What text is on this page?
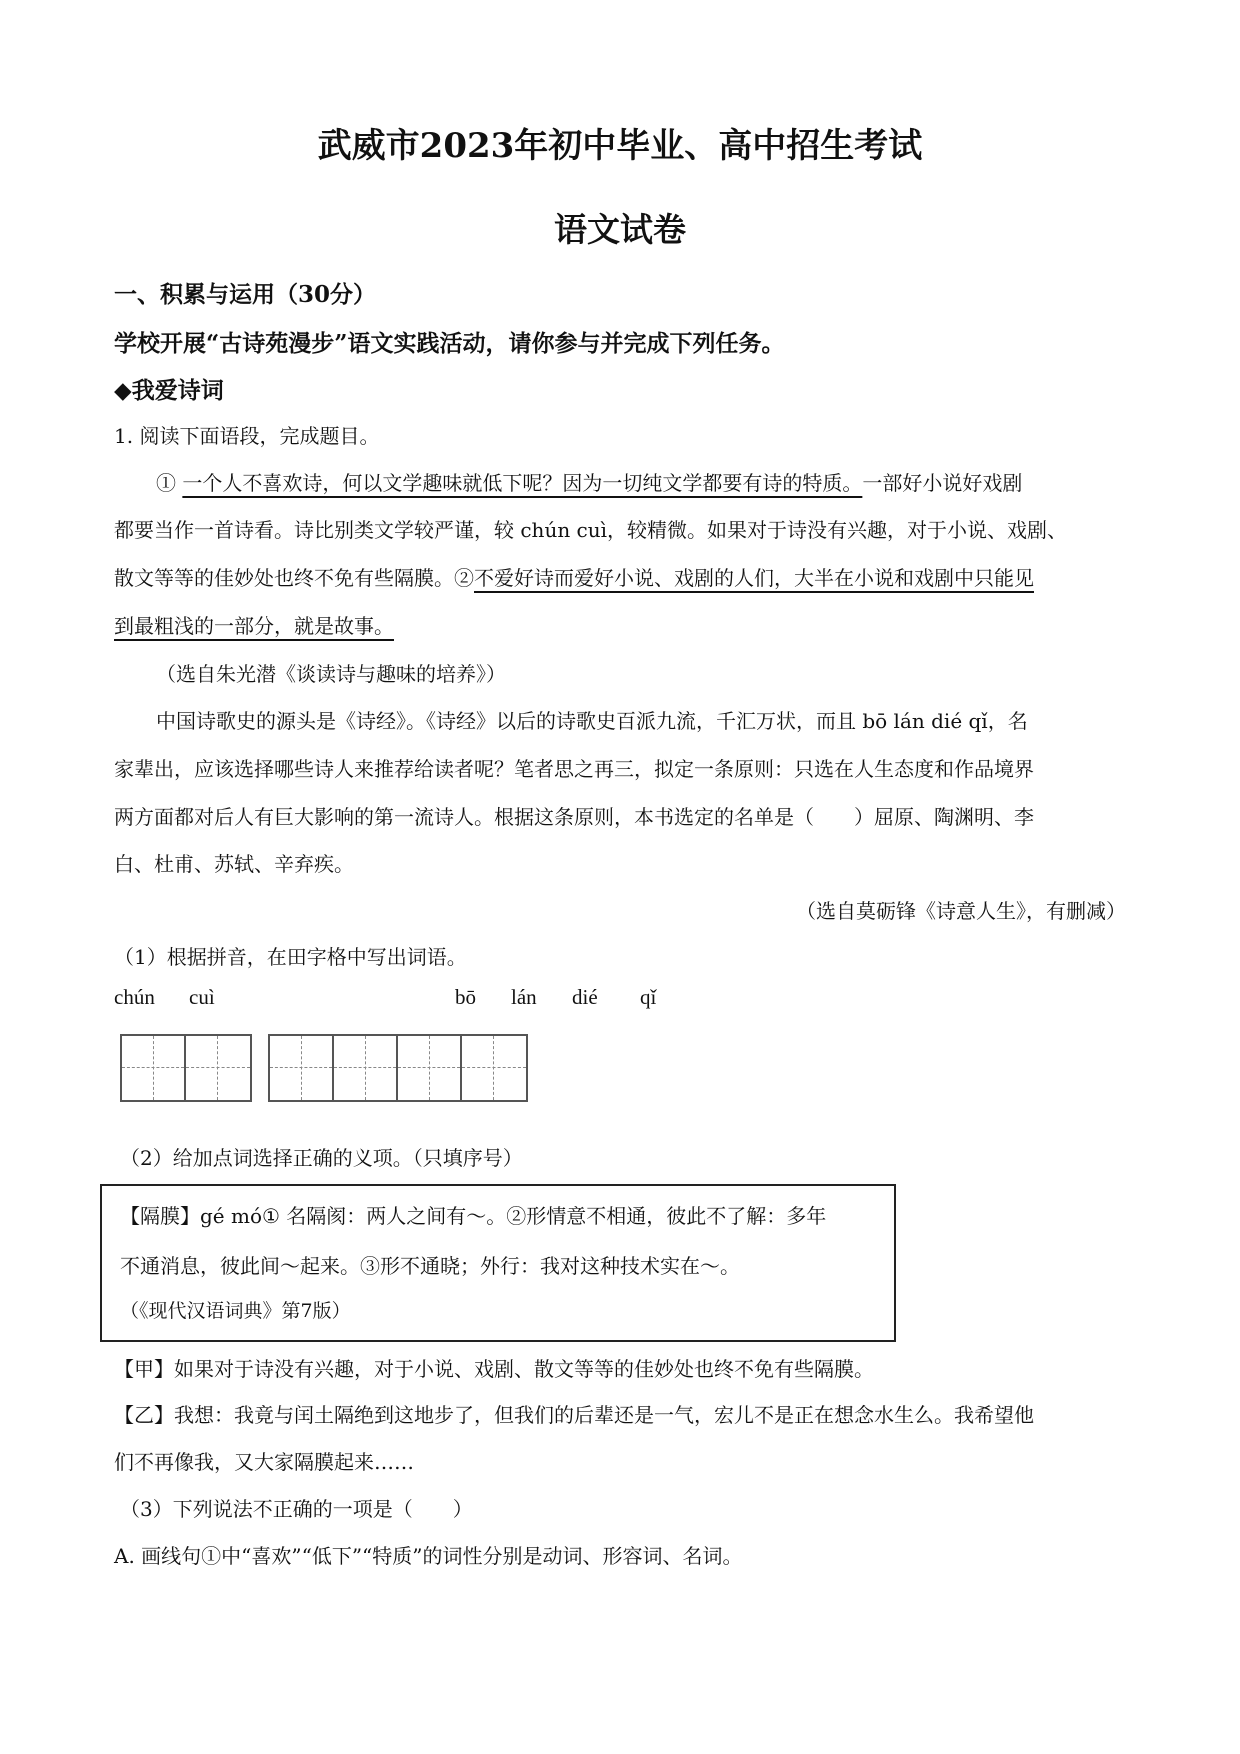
武威市2023年初中毕业、高中招生考试
语文试卷
一、积累与运用（30分）
学校开展“古诗苑漫步”语文实践活动，请你参与并完成下列任务。
◆我爱诗词
1. 阅读下面语段，完成题目。
① 一个人不喜欢诗，何以文学趣味就低下呢？因为一切纯文学都要有诗的特质。一部好小说好戏剧
都要当作一首诗看。诗比别类文学较严谨，较 chún cuì，较精微。如果对于诗没有兴趣，对于小说、戏剧、
散文等等的佳妙处也终不免有些隔膜。②不爱好诗而爱好小说、戏剧的人们，大半在小说和戏剧中只能见
到最粗浅的一部分，就是故事。
（选自朱光潜《谈读诗与趣味的培养》）
中国诗歌史的源头是《诗经》。《诗经》以后的诗歌史百派九流，千汇万状，而且 bō lán dié qǐ，名
家辈出，应该选择哪些诗人来推荐给读者呢？笔者思之再三，拟定一条原则：只选在人生态度和作品境界
两方面都对后人有巨大影响的第一流诗人。根据这条原则，本书选定的名单是（　　）屈原、陶渊明、李
白、杜甫、苏轼、辛弃疾。
（选自莫砺锋《诗意人生》，有删减）
（1）根据拼音，在田字格中写出词语。
chún cuì	bō lán dié qǐ
（2）给加点词选择正确的义项。（只填序号）
【隔膜】gé mó① 名隔阂：两人之间有～。②形情意不相通，彼此不了解：多年
不通消息，彼此间～起来。③形不通晓；外行：我对这种技术实在～。
（《现代汉语词典》第7版）
【甲】如果对于诗没有兴趣，对于小说、戏剧、散文等等的佳妙处也终不免有些隔膜。
【乙】我想：我竟与闰土隔绝到这地步了，但我们的后辈还是一气，宏儿不是正在想念水生么。我希望他
们不再像我，又大家隔膜起来……
（3）下列说法不正确的一项是（　　）
A. 画线句①中“喜欢”“低下”“特质”的词性分别是动词、形容词、名词。
